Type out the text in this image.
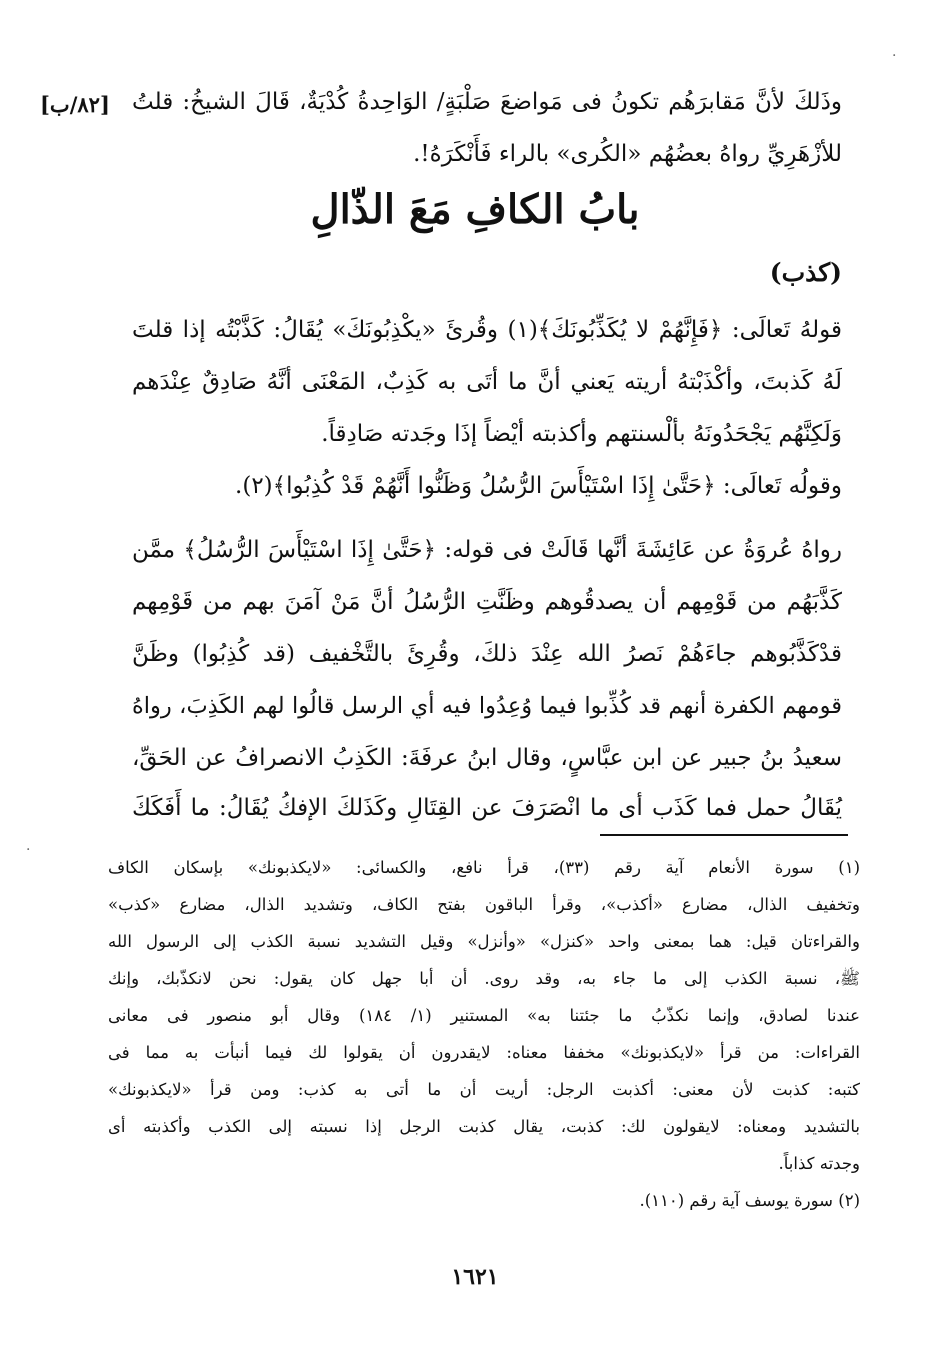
[٨٢/ب] وذَلكَ لأنَّ مَقابرَهُم تكونُ فى مَواضعَ صَلْبَةٍ/ الوَاحِدةُ كُدْيَةٌ، قَالَ الشيخُ: قلتُ
للأزْهَرِيِّ رواهُ بعضُهُم «الكُرى» بالراء فَأَنْكَرَهُ!.
بابُ الكافِ مَعَ الذّالِ
(كذب)
قولهُ تَعالَى: ﴿فَإِنَّهُمْ لا يُكَذِّبُونَكَ﴾(١) وقُرئَ «يكْذِبُونَكَ» يُقَالُ: كَذَّبْتُه إذا قلتَ
لَهُ كَذبتَ، وأكْذَبْتهُ أريته يَعني أنَّ ما أتَى به كَذِبٌ، المَعْنَى أنَّهُ صَادِقٌ عِنْدَهم
وَلَكِنَّهُم يَجْحَدُونَهُ بألْسنتهم وأكذبته أيْضاً إذَا وجَدته صَادِقاً.
وقولُه تَعالَى: ﴿حَتَّىٰ إِذَا اسْتَيْأَسَ الرُّسُلُ وَظَنُّوا أَنَّهُمْ قَدْ كُذِبُوا﴾(٢).
رواهُ عُروَةُ عن عَائِشَةَ أنَّها قَالَتْ فى قوله: ﴿حَتَّىٰ إِذَا اسْتَيْأَسَ الرُّسُلُ﴾ ممَّن
كَذَّبَهُم من قَوْمِهم أن يصدقُوهم وظَنَّتِ الرُّسُلُ أنَّ مَنْ آمَنَ بهم من قَوْمِهم
قدْكَذَّبُوهم جاءَهُمْ نَصرُ الله عِنْدَ ذلكَ، وقُرِئَ بالتَّخْفيف (قد كُذِبُوا) وظَنَّ
قومهم الكفرة أنهم قد كُذِّبوا فيما وُعِدُوا فيه أي الرسل قالُوا لهم الكَذِبَ، رواهُ
سعيدُ بنُ جبير عن ابن عبَّاسٍ، وقال ابنُ عرفَةَ: الكَذِبُ الانصرافُ عن الحَقِّ،
يُقَالُ حمل فما كَذَب أى ما انْصَرَفَ عن القِتَالِ وكَذَلكَ الإفكُ يُقَالُ: ما أَفَكَكَ
(١) سورة الأنعام آية رقم (٣٣)، قرأ نافع، والكسائى: «لايكذبونك» بإسكان الكاف
وتخفيف الذال، مضارع «أكذب»، وقرأ الباقون بفتح الكاف، وتشديد الذال، مضارع «كذب»
والقراءتان قيل: هما بمعنى واحد «كنزل» «وأنزل» وقيل التشديد نسبة الكذب إلى الرسول الله
ﷺ، نسبة الكذب إلى ما جاء به، وقد روى. أن أبا جهل كان يقول: نحن لانكذّبك، وإنك
عندنا لصادق، وإنما نكذّبُ ما جئتنا به» المستنير (١/ ١٨٤) وقال أبو منصور فى معانى
القراءات: من قرأ «لايكذبونك» مخففا معناه: لايقدرون أن يقولوا لك فيما أنبأت به مما فى
كتبه: كذبت لأن معنى: أكذبت الرجل: أريت أن ما أتى به كذب: ومن قرأ «لايكذبونك»
بالتشديد ومعناه: لايقولون لك: كذبت، يقال كذبت الرجل إذا نسبته إلى الكذب وأكذبته أى
وجدته كذاباً.
(٢) سورة يوسف آية رقم (١١٠).
١٦٢١
·
·
